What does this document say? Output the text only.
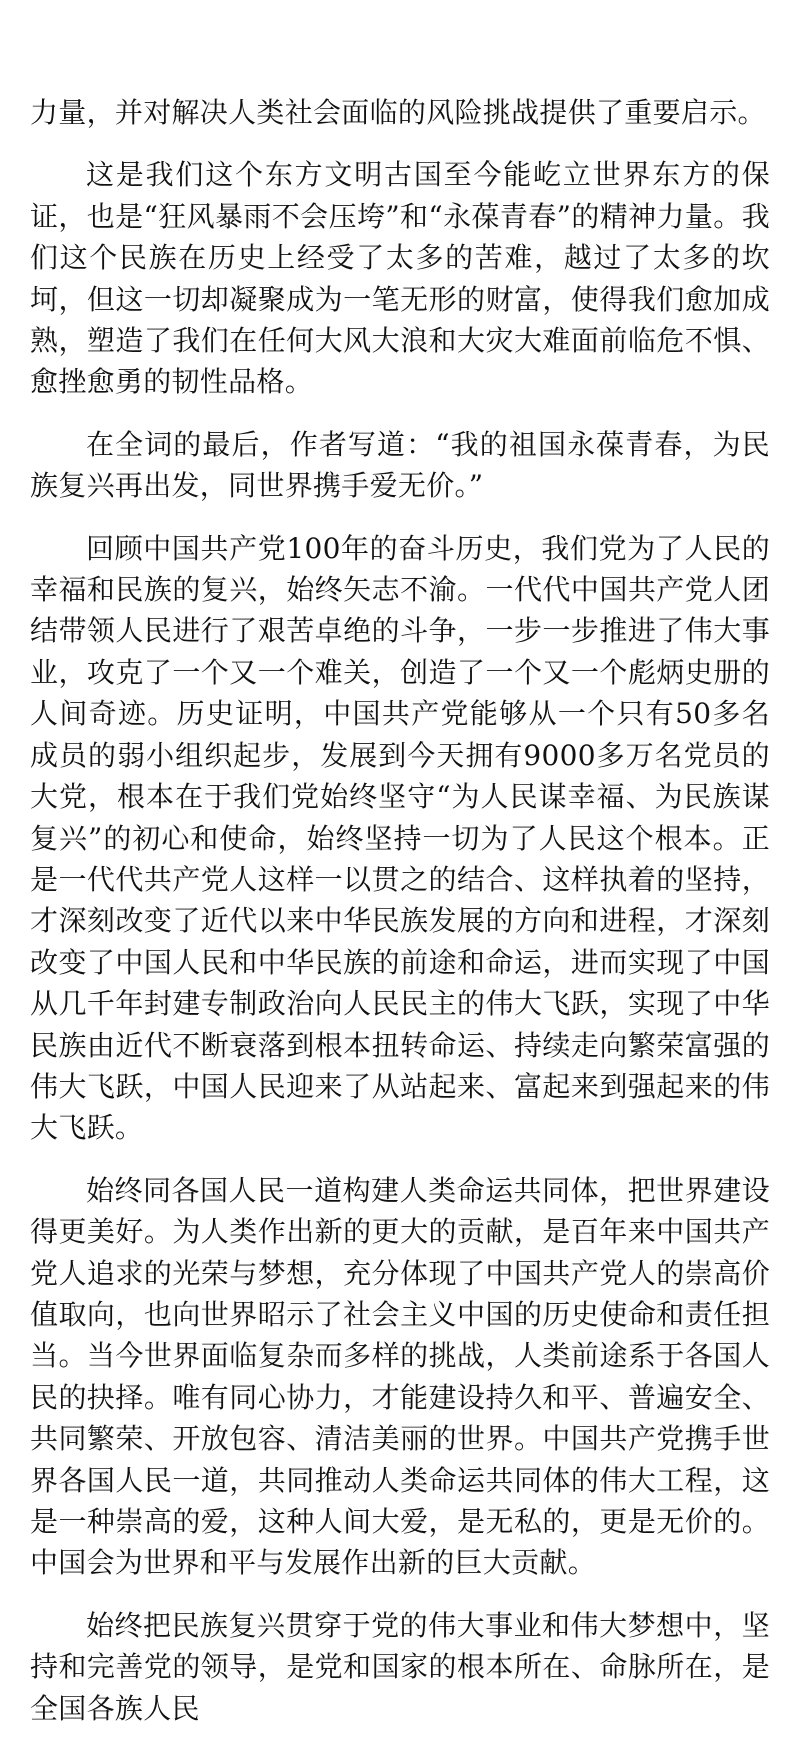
力量，并对解决人类社会面临的风险挑战提供了重要启示。

这是我们这个东方文明古国至今能屹立世界东方的保证，也是“狂风暴雨不会压垮”和“永葆青春”的精神力量。我们这个民族在历史上经受了太多的苦难，越过了太多的坎坷，但这一切却凝聚成为一笔无形的财富，使得我们愈加成熟，塑造了我们在任何大风大浪和大灾大难面前临危不惧、愈挫愈勇的韧性品格。

在全词的最后，作者写道：“我的祖国永葆青春，为民族复兴再出发，同世界携手爱无价。”

回顾中国共产党100年的奋斗历史，我们党为了人民的幸福和民族的复兴，始终矢志不渝。一代代中国共产党人团结带领人民进行了艰苦卓绝的斗争，一步一步推进了伟大事业，攻克了一个又一个难关，创造了一个又一个彪炳史册的人间奇迹。历史证明，中国共产党能够从一个只有50多名成员的弱小组织起步，发展到今天拥有9000多万名党员的大党，根本在于我们党始终坚守“为人民谋幸福、为民族谋复兴”的初心和使命，始终坚持一切为了人民这个根本。正是一代代共产党人这样一以贯之的结合、这样执着的坚持，才深刻改变了近代以来中华民族发展的方向和进程，才深刻改变了中国人民和中华民族的前途和命运，进而实现了中国从几千年封建专制政治向人民民主的伟大飞跃，实现了中华民族由近代不断衰落到根本扭转命运、持续走向繁荣富强的伟大飞跃，中国人民迎来了从站起来、富起来到强起来的伟大飞跃。

始终同各国人民一道构建人类命运共同体，把世界建设得更美好。为人类作出新的更大的贡献，是百年来中国共产党人追求的光荣与梦想，充分体现了中国共产党人的崇高价值取向，也向世界昭示了社会主义中国的历史使命和责任担当。当今世界面临复杂而多样的挑战，人类前途系于各国人民的抉择。唯有同心协力，才能建设持久和平、普遍安全、共同繁荣、开放包容、清洁美丽的世界。中国共产党携手世界各国人民一道，共同推动人类命运共同体的伟大工程，这是一种崇高的爱，这种人间大爱，是无私的，更是无价的。中国会为世界和平与发展作出新的巨大贡献。

始终把民族复兴贯穿于党的伟大事业和伟大梦想中，坚持和完善党的领导，是党和国家的根本所在、命脉所在，是全国各族人民
